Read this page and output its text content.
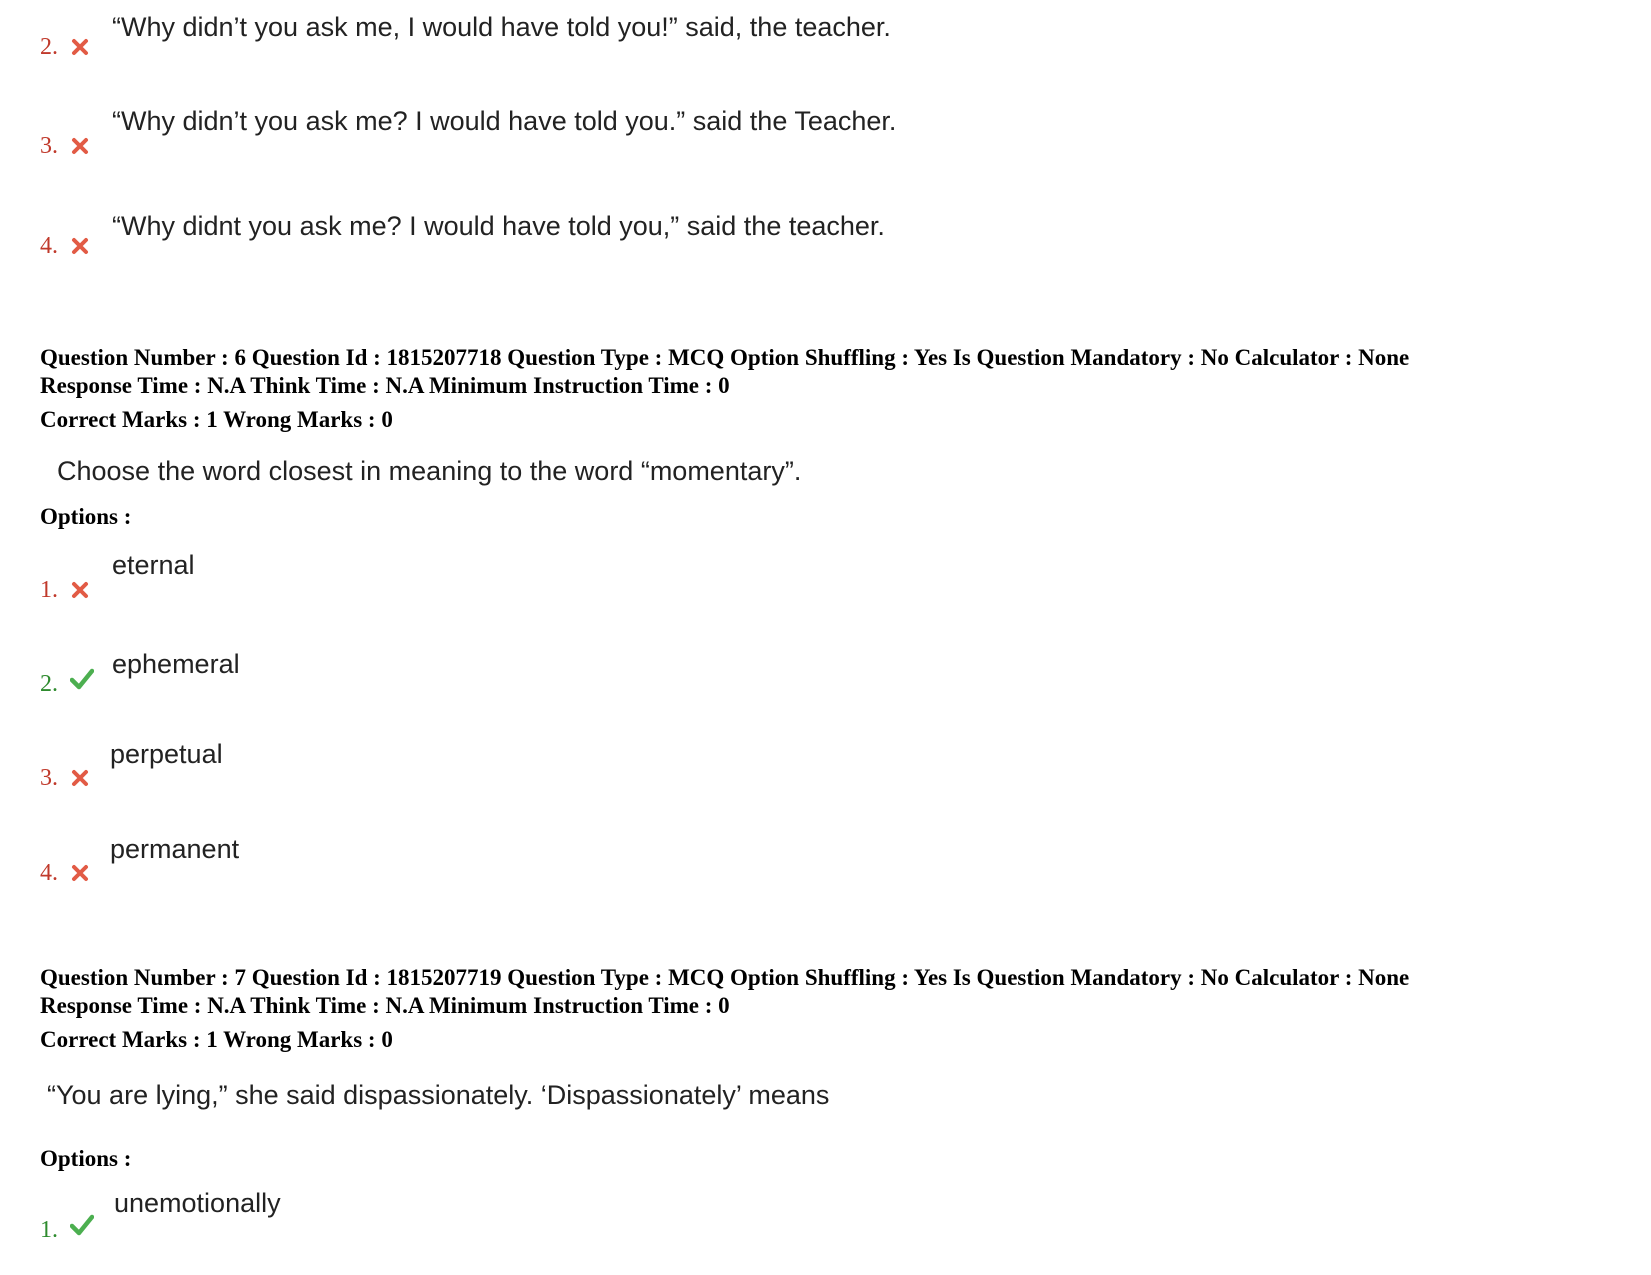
2.
“Why didn’t you ask me, I would have told you!” said, the teacher.
3.
“Why didn’t you ask me? I would have told you.” said the Teacher.
4.
“Why didnt you ask me? I would have told you,” said the teacher.
Question Number : 6 Question Id : 1815207718 Question Type : MCQ Option Shuffling : Yes Is Question Mandatory : No Calculator : None
Response Time : N.A Think Time : N.A Minimum Instruction Time : 0
Correct Marks : 1 Wrong Marks : 0
Choose the word closest in meaning to the word “momentary”.
Options :
1.
eternal
2.
ephemeral
3.
perpetual
4.
permanent
Question Number : 7 Question Id : 1815207719 Question Type : MCQ Option Shuffling : Yes Is Question Mandatory : No Calculator : None
Response Time : N.A Think Time : N.A Minimum Instruction Time : 0
Correct Marks : 1 Wrong Marks : 0
“You are lying,” she said dispassionately. ‘Dispassionately’ means
Options :
1.
unemotionally
